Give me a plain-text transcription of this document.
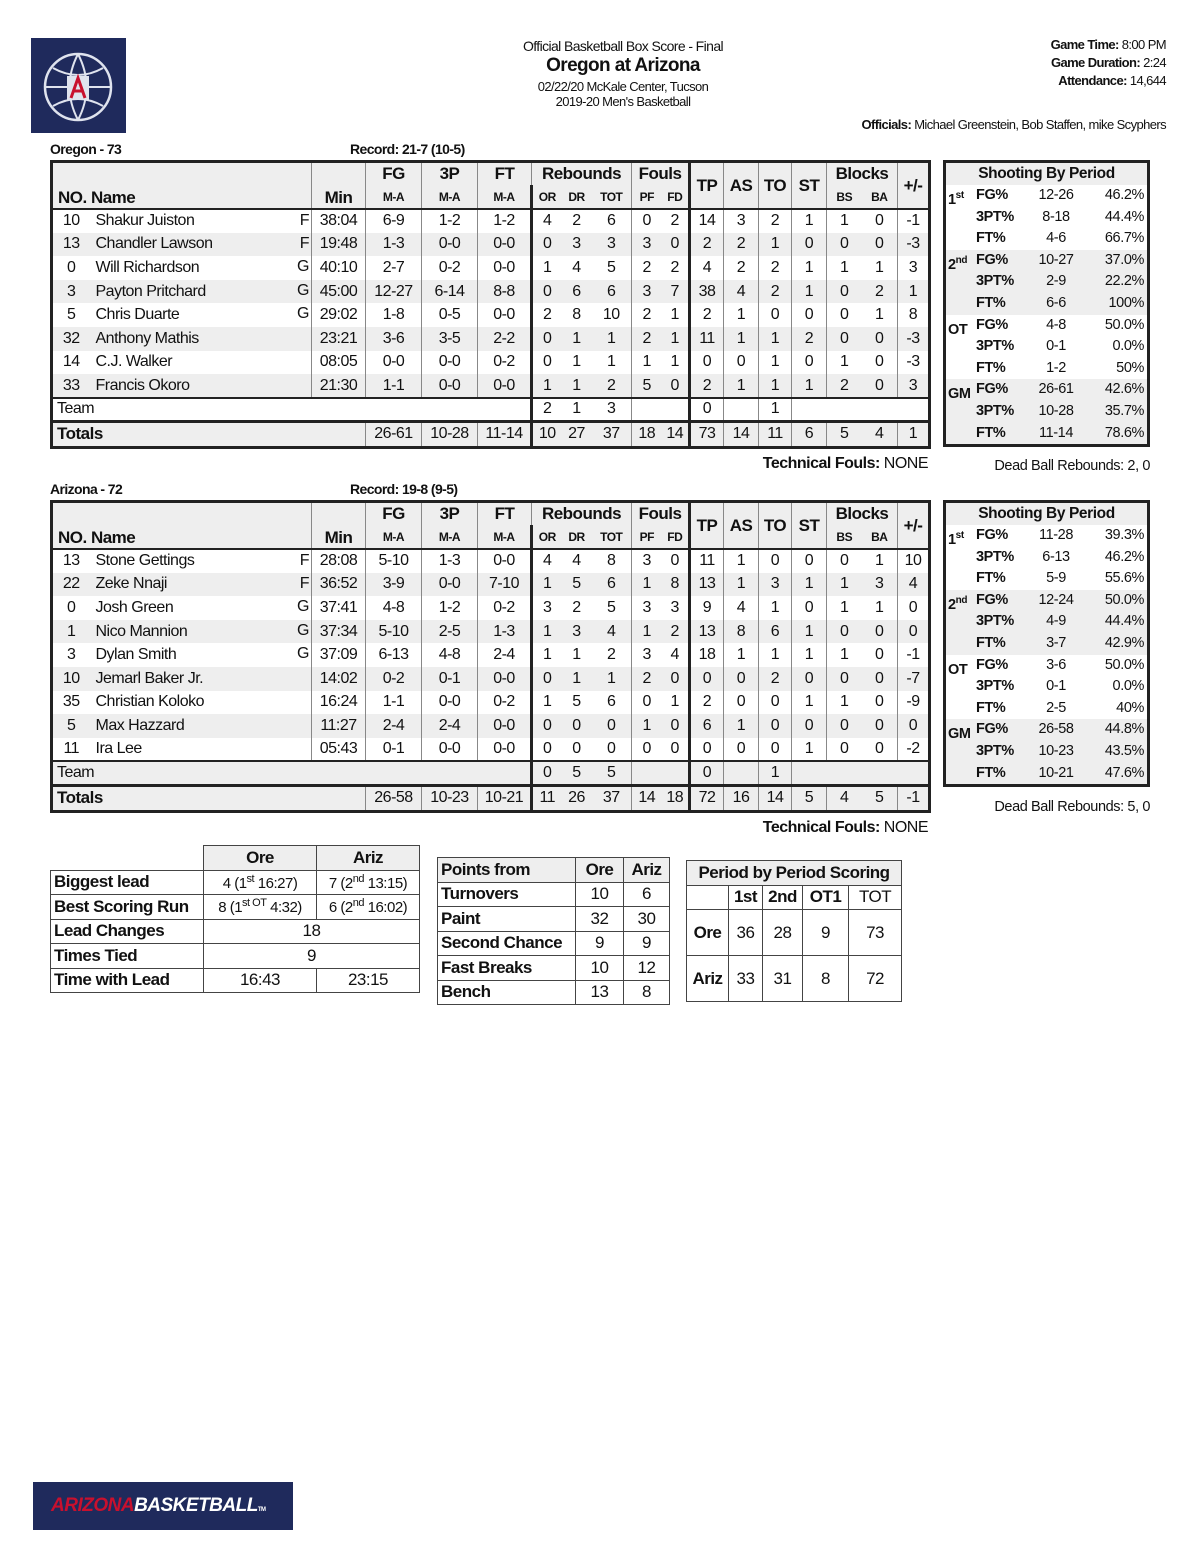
Official Basketball Box Score - Final
Oregon at Arizona
02/22/20 McKale Center, Tucson
2019-20 Men's Basketball
Game Time: 8:00 PM
Game Duration: 2:24
Attendance: 14,644
Officials: Michael Greenstein, Bob Staffen, mike Scyphers
Oregon - 73	Record: 21-7 (10-5)
NO. Name		Min	FG	3P	FT	Rebounds			Fouls		TP	AS	TO	ST	Blocks		+/-
			M-A	M-A	M-A	OR	DR	TOT	PF	FD					BS	BA	
10	Shakur Juiston F	38:04	6-9	1-2	1-2	4	2	6	0	2	14	3	2	1	1	0	-1
13	Chandler Lawson F	19:48	1-3	0-0	0-0	0	3	3	3	0	2	2	1	0	0	0	-3
0	Will Richardson G	40:10	2-7	0-2	0-0	1	4	5	2	2	4	2	2	1	1	1	3
3	Payton Pritchard G	45:00	12-27	6-14	8-8	0	6	6	3	7	38	4	2	1	0	2	1
5	Chris Duarte G	29:02	1-8	0-5	0-0	2	8	10	2	1	2	1	0	0	0	1	8
32	Anthony Mathis	23:21	3-6	3-5	2-2	0	1	1	2	1	11	1	1	2	0	0	-3
14	C.J. Walker	08:05	0-0	0-0	0-2	0	1	1	1	1	0	0	1	0	1	0	-3
33	Francis Okoro	21:30	1-1	0-0	0-0	1	1	2	5	0	2	1	1	1	2	0	3
Team						2	1	3			0		1				
Totals			26-61	10-28	11-14	10	27	37	18	14	73	14	11	6	5	4	1
Technical Fouls: NONE
Shooting By Period
1st FG%	12-26	46.2%
3PT%	8-18	44.4%
FT%	4-6	66.7%
2nd FG%	10-27	37.0%
3PT%	2-9	22.2%
FT%	6-6	100%
OT FG%	4-8	50.0%
3PT%	0-1	0.0%
FT%	1-2	50%
GM FG%	26-61	42.6%
3PT%	10-28	35.7%
FT%	11-14	78.6%
Dead Ball Rebounds: 2, 0
Arizona - 72	Record: 19-8 (9-5)
NO. Name		Min	FG	3P	FT	Rebounds			Fouls		TP	AS	TO	ST	Blocks		+/-
			M-A	M-A	M-A	OR	DR	TOT	PF	FD					BS	BA	
13	Stone Gettings F	28:08	5-10	1-3	0-0	4	4	8	3	0	11	1	0	0	0	1	10
22	Zeke Nnaji F	36:52	3-9	0-0	7-10	1	5	6	1	8	13	1	3	1	1	3	4
0	Josh Green G	37:41	4-8	1-2	0-2	3	2	5	3	3	9	4	1	0	1	1	0
1	Nico Mannion G	37:34	5-10	2-5	1-3	1	3	4	1	2	13	8	6	1	0	0	0
3	Dylan Smith G	37:09	6-13	4-8	2-4	1	1	2	3	4	18	1	1	1	1	0	-1
10	Jemarl Baker Jr.	14:02	0-2	0-1	0-0	0	1	1	2	0	0	0	2	0	0	0	-7
35	Christian Koloko	16:24	1-1	0-0	0-2	1	5	6	0	1	2	0	0	1	1	0	-9
5	Max Hazzard	11:27	2-4	2-4	0-0	0	0	0	1	0	6	1	0	0	0	0	0
11	Ira Lee	05:43	0-1	0-0	0-0	0	0	0	0	0	0	0	0	1	0	0	-2
Team						0	5	5			0		1				
Totals			26-58	10-23	10-21	11	26	37	14	18	72	16	14	5	4	5	-1
Technical Fouls: NONE
Shooting By Period
1st FG%	11-28	39.3%
3PT%	6-13	46.2%
FT%	5-9	55.6%
2nd FG%	12-24	50.0%
3PT%	4-9	44.4%
FT%	3-7	42.9%
OT FG%	3-6	50.0%
3PT%	0-1	0.0%
FT%	2-5	40%
GM FG%	26-58	44.8%
3PT%	10-23	43.5%
FT%	10-21	47.6%
Dead Ball Rebounds: 5, 0
	Ore	Ariz
Biggest lead	4 (1st 16:27)	7 (2nd 13:15)
Best Scoring Run	8 ($1^{st OT}$ 4:32)	6 (2nd 16:02)
Lead Changes	18	
Times Tied	9	
Time with Lead	16:43	23:15
Points from	Ore	Ariz
Turnovers	10	6
Paint	32	30
Second Chance	9	9
Fast Breaks	10	12
Bench	13	8
Period by Period Scoring				
	1st	2nd	OT1	TOT
Ore	36	28	9	73
Ariz	33	31	8	72
ARIZONABASKETBALLTM
